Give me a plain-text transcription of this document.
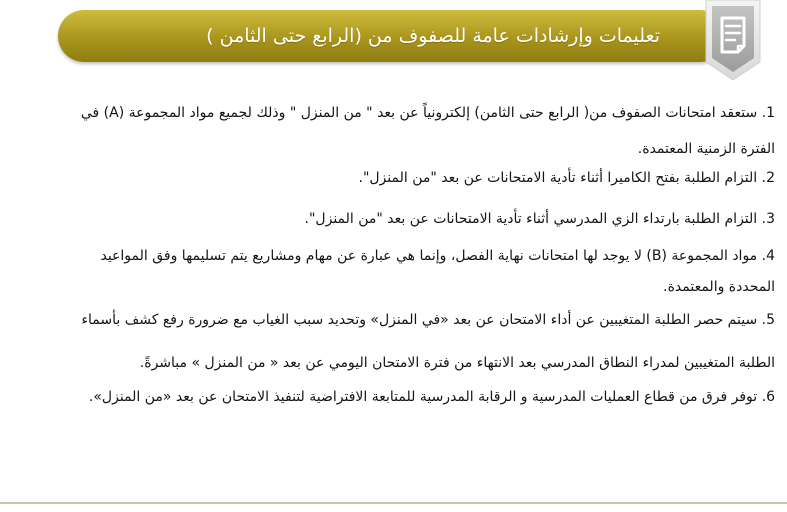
تعليمات وإرشادات عامة للصفوف من (الرابع حتى الثامن )
1. ستعقد امتحانات الصفوف من( الرابع حتى الثامن) إلكترونياً عن بعد " من المنزل " وذلك لجميع مواد المجموعة (A) في
الفترة الزمنية المعتمدة.
2. التزام الطلبة بفتح الكاميرا أثناء تأدية الامتحانات عن بعد "من المنزل".
3. التزام الطلبة بارتداء الزي المدرسي أثناء تأدية الامتحانات عن بعد "من المنزل".
4. مواد المجموعة (B) لا يوجد لها امتحانات نهاية الفصل، وإنما هي عبارة عن مهام ومشاريع يتم تسليمها وفق المواعيد
المحددة والمعتمدة.
5. سيتم حصر الطلبة المتغيبين عن أداء الامتحان عن بعد «في المنزل» وتحديد سبب الغياب مع ضرورة رفع كشف بأسماء
الطلبة المتغيبين لمدراء النطاق المدرسي بعد الانتهاء من فترة الامتحان اليومي عن بعد « من المنزل » مباشرةً.
6. توفر فرق من قطاع العمليات المدرسية و الرقابة المدرسية للمتابعة الافتراضية لتنفيذ الامتحان عن بعد «من المنزل».
